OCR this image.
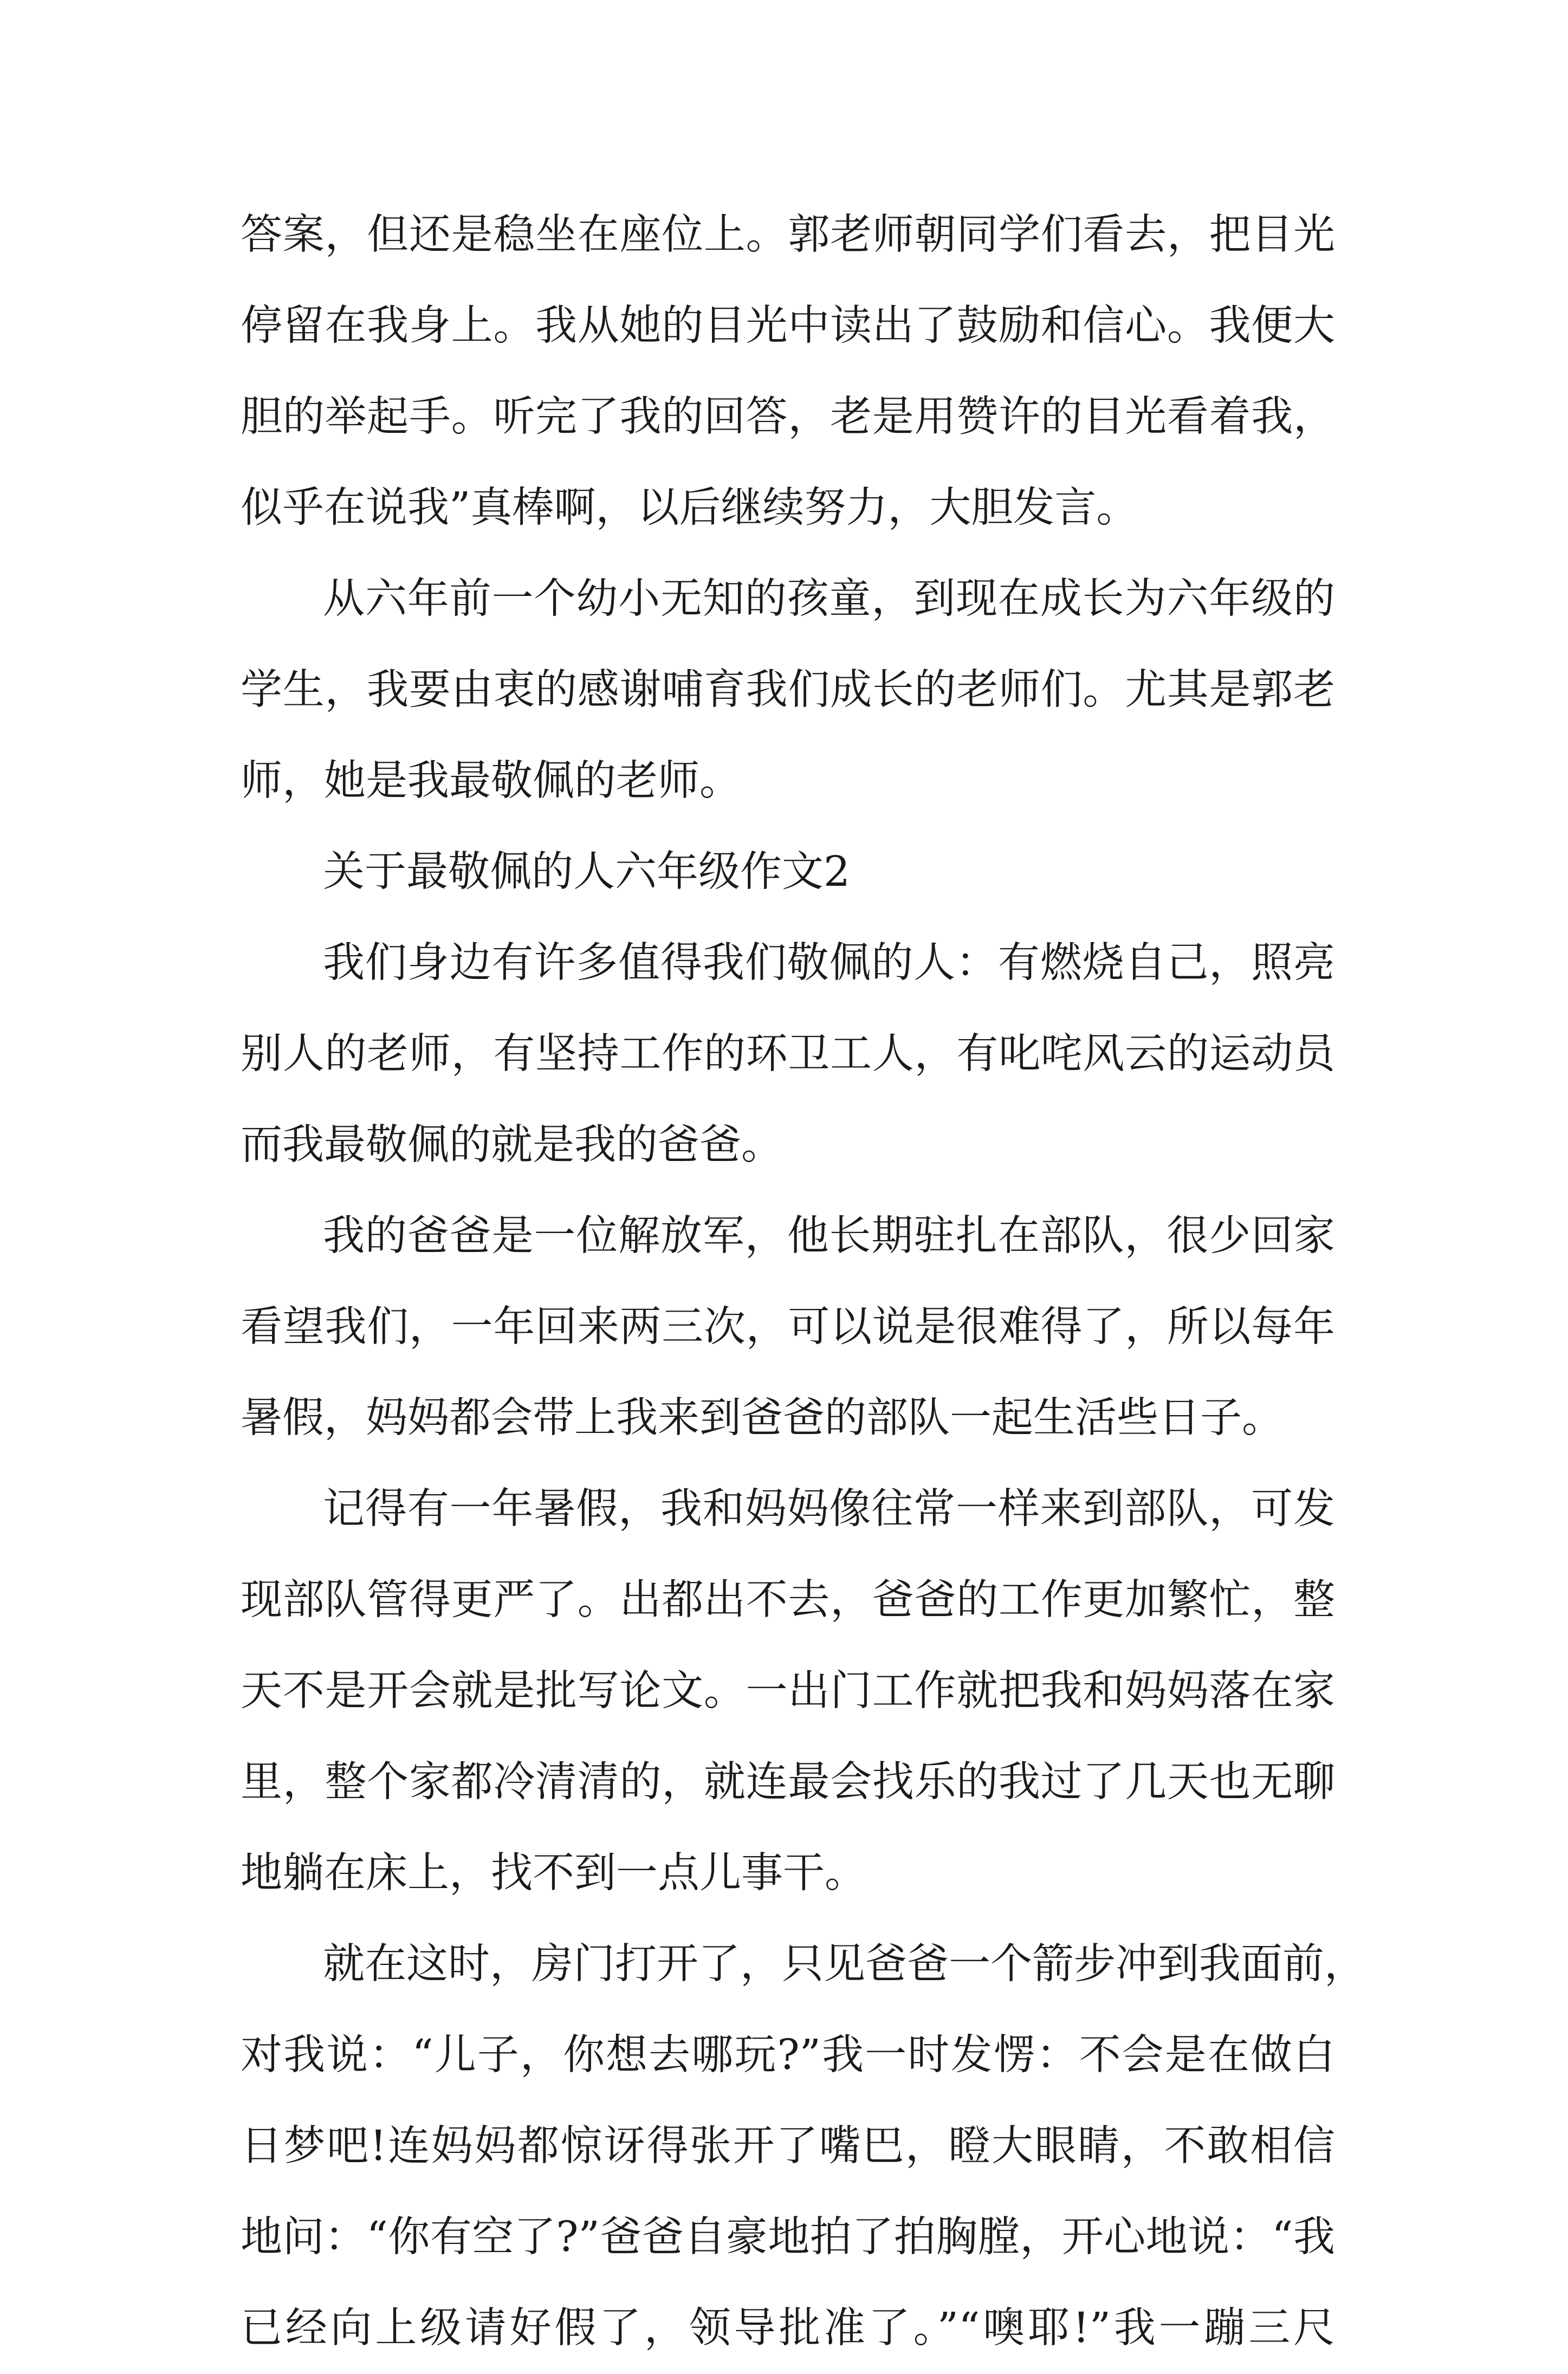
答案，但还是稳坐在座位上。郭老师朝同学们看去，把目光
停留在我身上。我从她的目光中读出了鼓励和信心。我便大
胆的举起手。听完了我的回答，老是用赞许的目光看着我，
似乎在说我”真棒啊，以后继续努力，大胆发言。
从六年前一个幼小无知的孩童，到现在成长为六年级的
学生，我要由衷的感谢哺育我们成长的老师们。尤其是郭老
师，她是我最敬佩的老师。
关于最敬佩的人六年级作文2
我们身边有许多值得我们敬佩的人：有燃烧自己，照亮
别人的老师，有坚持工作的环卫工人，有叱咤风云的运动员
而我最敬佩的就是我的爸爸。
我的爸爸是一位解放军，他长期驻扎在部队，很少回家
看望我们，一年回来两三次，可以说是很难得了，所以每年
暑假，妈妈都会带上我来到爸爸的部队一起生活些日子。
记得有一年暑假，我和妈妈像往常一样来到部队，可发
现部队管得更严了。出都出不去，爸爸的工作更加繁忙，整
天不是开会就是批写论文。一出门工作就把我和妈妈落在家
里，整个家都冷清清的，就连最会找乐的我过了几天也无聊
地躺在床上，找不到一点儿事干。
就在这时，房门打开了，只见爸爸一个箭步冲到我面前，
对我说：“儿子，你想去哪玩?”我一时发愣：不会是在做白
日梦吧!连妈妈都惊讶得张开了嘴巴，瞪大眼睛，不敢相信
地问：“你有空了?”爸爸自豪地拍了拍胸膛，开心地说：“我
已经向上级请好假了，领导批准了。”“噢耶!”我一蹦三尺
